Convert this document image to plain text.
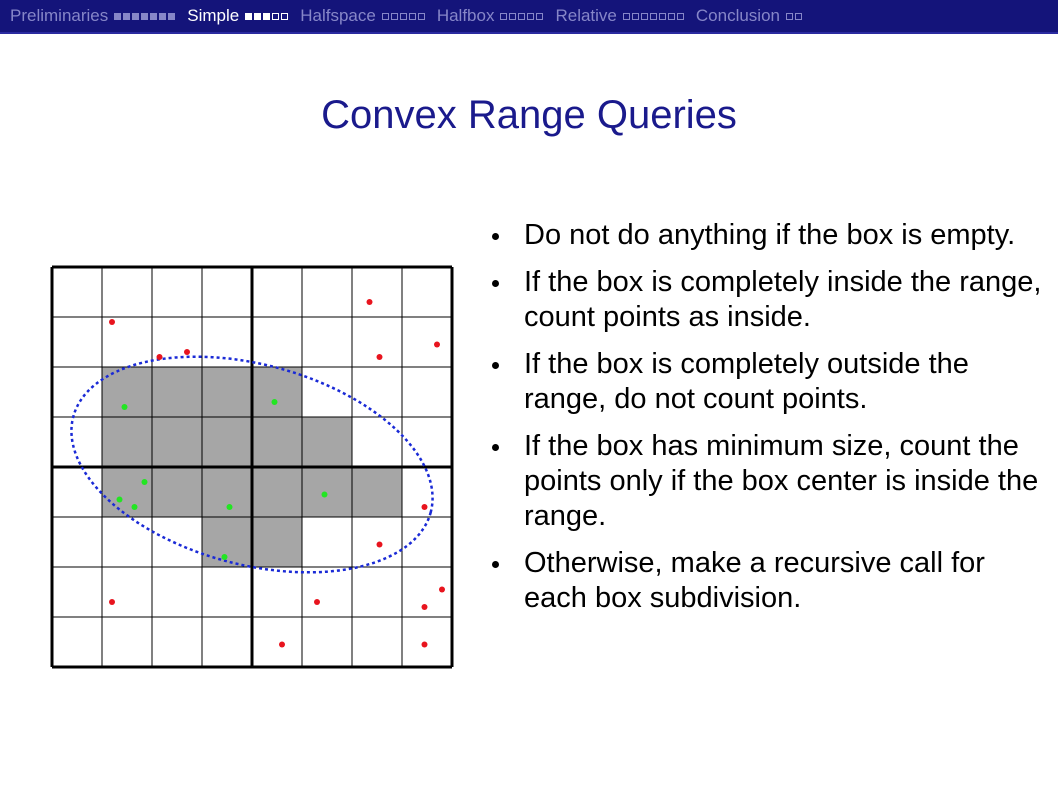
Preliminaries	Simple	Halfspace	Halfbox	Relative	Conclusion
Convex Range Queries
Do not do anything if the box is empty.
If the box is completely inside the range, count points as inside.
If the box is completely outside the range, do not count points.
If the box has minimum size, count the points only if the box center is inside the range.
Otherwise, make a recursive call for each box subdivision.
